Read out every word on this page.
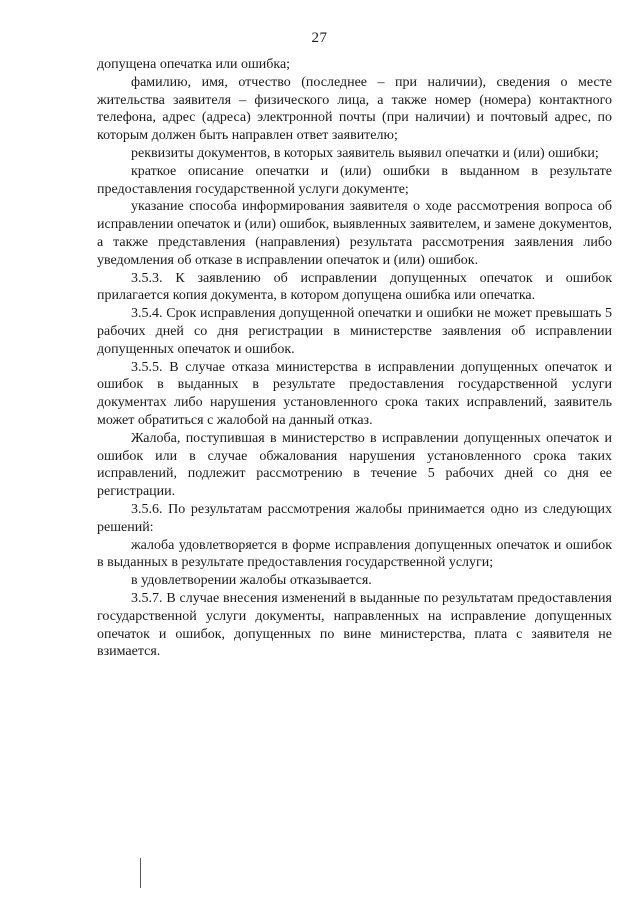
27

допущена опечатка или ошибка;

фамилию, имя, отчество (последнее – при наличии), сведения о месте жительства заявителя – физического лица, а также номер (номера) контактного телефона, адрес (адреса) электронной почты (при наличии) и почтовый адрес, по которым должен быть направлен ответ заявителю;

реквизиты документов, в которых заявитель выявил опечатки и (или) ошибки;

краткое описание опечатки и (или) ошибки в выданном в результате предоставления государственной услуги документе;

указание способа информирования заявителя о ходе рассмотрения вопроса об исправлении опечаток и (или) ошибок, выявленных заявителем, и замене документов, а также представления (направления) результата рассмотрения заявления либо уведомления об отказе в исправлении опечаток и (или) ошибок.

3.5.3. К заявлению об исправлении допущенных опечаток и ошибок прилагается копия документа, в котором допущена ошибка или опечатка.

3.5.4. Срок исправления допущенной опечатки и ошибки не может превышать 5 рабочих дней со дня регистрации в министерстве заявления об исправлении допущенных опечаток и ошибок.

3.5.5. В случае отказа министерства в исправлении допущенных опечаток и ошибок в выданных в результате предоставления государственной услуги документах либо нарушения установленного срока таких исправлений, заявитель может обратиться с жалобой на данный отказ.

Жалоба, поступившая в министерство в исправлении допущенных опечаток и ошибок или в случае обжалования нарушения установленного срока таких исправлений, подлежит рассмотрению в течение 5 рабочих дней со дня ее регистрации.

3.5.6. По результатам рассмотрения жалобы принимается одно из следующих решений:

жалоба удовлетворяется в форме исправления допущенных опечаток и ошибок в выданных в результате предоставления государственной услуги;

в удовлетворении жалобы отказывается.

3.5.7. В случае внесения изменений в выданные по результатам предоставления государственной услуги документы, направленных на исправление допущенных опечаток и ошибок, допущенных по вине министерства, плата с заявителя не взимается.
